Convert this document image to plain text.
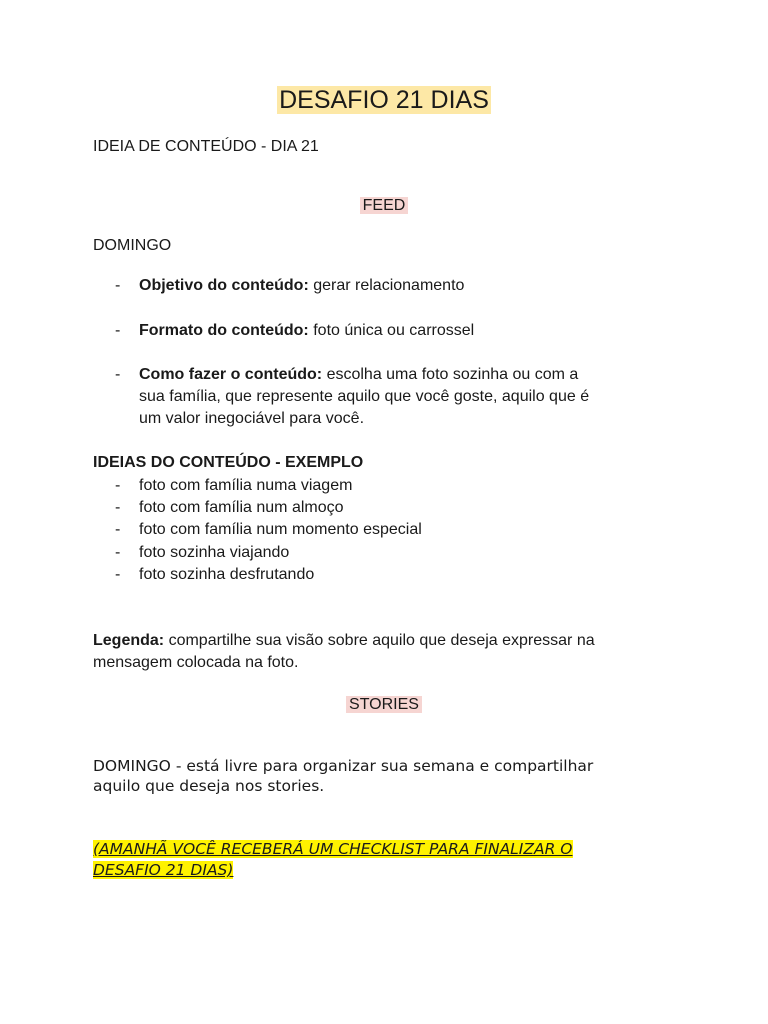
DESAFIO 21 DIAS
IDEIA DE CONTEÚDO - DIA 21
FEED
DOMINGO
- Objetivo do conteúdo: gerar relacionamento
- Formato do conteúdo: foto única ou carrossel
- Como fazer o conteúdo: escolha uma foto sozinha ou com a
sua família, que represente aquilo que você goste, aquilo que é
um valor inegociável para você.
IDEIAS DO CONTEÚDO - EXEMPLO
- foto com família numa viagem
- foto com família num almoço
- foto com família num momento especial
- foto sozinha viajando
- foto sozinha desfrutando
Legenda: compartilhe sua visão sobre aquilo que deseja expressar na
mensagem colocada na foto.
STORIES
DOMINGO - está livre para organizar sua semana e compartilhar
aquilo que deseja nos stories.
(AMANHÃ VOCÊ RECEBERÁ UM CHECKLIST PARA FINALIZAR O
DESAFIO 21 DIAS)
